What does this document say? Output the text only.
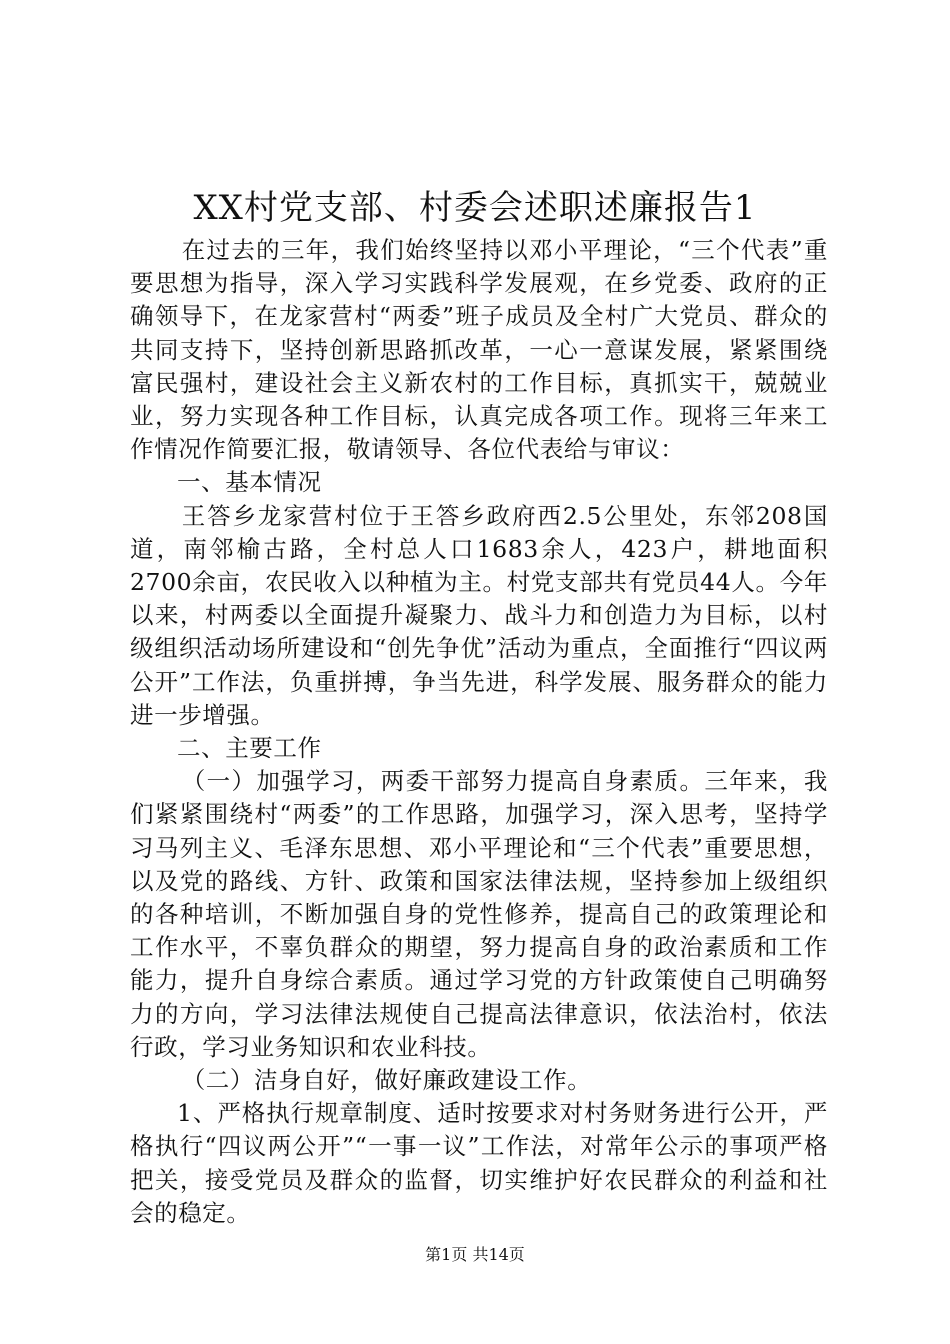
XX村党支部、村委会述职述廉报告1

在过去的三年，我们始终坚持以邓小平理论，“三个代表”重要思想为指导，深入学习实践科学发展观，在乡党委、政府的正确领导下，在龙家营村“两委”班子成员及全村广大党员、群众的共同支持下，坚持创新思路抓改革，一心一意谋发展，紧紧围绕富民强村，建设社会主义新农村的工作目标，真抓实干，兢兢业业，努力实现各种工作目标，认真完成各项工作。现将三年来工作情况作简要汇报，敬请领导、各位代表给与审议：

一、基本情况

王答乡龙家营村位于王答乡政府西2.5公里处，东邻208国道，南邻榆古路，全村总人口1683余人，423户，耕地面积2700余亩，农民收入以种植为主。村党支部共有党员44人。今年以来，村两委以全面提升凝聚力、战斗力和创造力为目标，以村级组织活动场所建设和“创先争优”活动为重点，全面推行“四议两公开”工作法，负重拼搏，争当先进，科学发展、服务群众的能力进一步增强。

二、主要工作

（一）加强学习，两委干部努力提高自身素质。三年来，我们紧紧围绕村“两委”的工作思路，加强学习，深入思考，坚持学习马列主义、毛泽东思想、邓小平理论和“三个代表”重要思想，以及党的路线、方针、政策和国家法律法规，坚持参加上级组织的各种培训，不断加强自身的党性修养，提高自己的政策理论和工作水平，不辜负群众的期望，努力提高自身的政治素质和工作能力，提升自身综合素质。通过学习党的方针政策使自己明确努力的方向，学习法律法规使自己提高法律意识，依法治村，依法行政，学习业务知识和农业科技。

（二）洁身自好，做好廉政建设工作。

1、严格执行规章制度、适时按要求对村务财务进行公开，严格执行“四议两公开”“一事一议”工作法，对常年公示的事项严格把关，接受党员及群众的监督，切实维护好农民群众的利益和社会的稳定。

第1页 共14页
